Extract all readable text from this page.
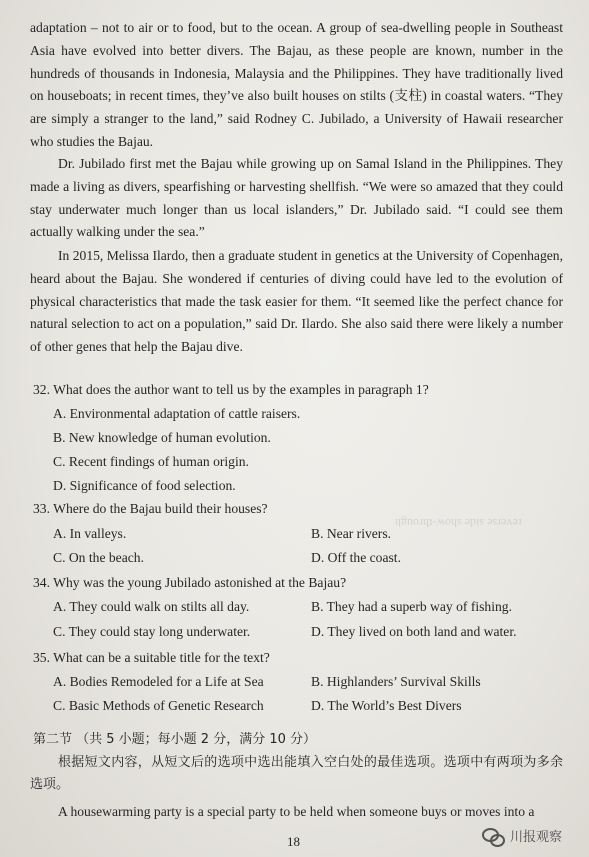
reverse side show-through

adaptation – not to air or to food, but to the ocean. A group of sea-dwelling people in Southeast Asia have evolved into better divers. The Bajau, as these people are known, number in the hundreds of thousands in Indonesia, Malaysia and the Philippines. They have traditionally lived on houseboats; in recent times, they’ve also built houses on stilts (支柱) in coastal waters. “They are simply a stranger to the land,” said Rodney C. Jubilado, a University of Hawaii researcher who studies the Bajau.

Dr. Jubilado first met the Bajau while growing up on Samal Island in the Philippines. They made a living as divers, spearfishing or harvesting shellfish. “We were so amazed that they could stay underwater much longer than us local islanders,” Dr. Jubilado said. “I could see them actually walking under the sea.”

In 2015, Melissa Ilardo, then a graduate student in genetics at the University of Copenhagen, heard about the Bajau. She wondered if centuries of diving could have led to the evolution of physical characteristics that made the task easier for them. “It seemed like the perfect chance for natural selection to act on a population,” said Dr. Ilardo. She also said there were likely a number of other genes that help the Bajau dive.

32. What does the author want to tell us by the examples in paragraph 1?
A. Environmental adaptation of cattle raisers.
B. New knowledge of human evolution.
C. Recent findings of human origin.
D. Significance of food selection.
33. Where do the Bajau build their houses?
A. In valleys.	B. Near rivers.
C. On the beach.	D. Off the coast.
34. Why was the young Jubilado astonished at the Bajau?
A. They could walk on stilts all day.	B. They had a superb way of fishing.
C. They could stay long underwater.	D. They lived on both land and water.
35. What can be a suitable title for the text?
A. Bodies Remodeled for a Life at Sea	B. Highlanders’ Survival Skills
C. Basic Methods of Genetic Research	D. The World’s Best Divers
第二节 （共 5 小题；每小题 2 分，满分 10 分）

根据短文内容，从短文后的选项中选出能填入空白处的最佳选项。选项中有两项为多余选项。

A housewarming party is a special party to be held when someone buys or moves into a
18	川报观察
